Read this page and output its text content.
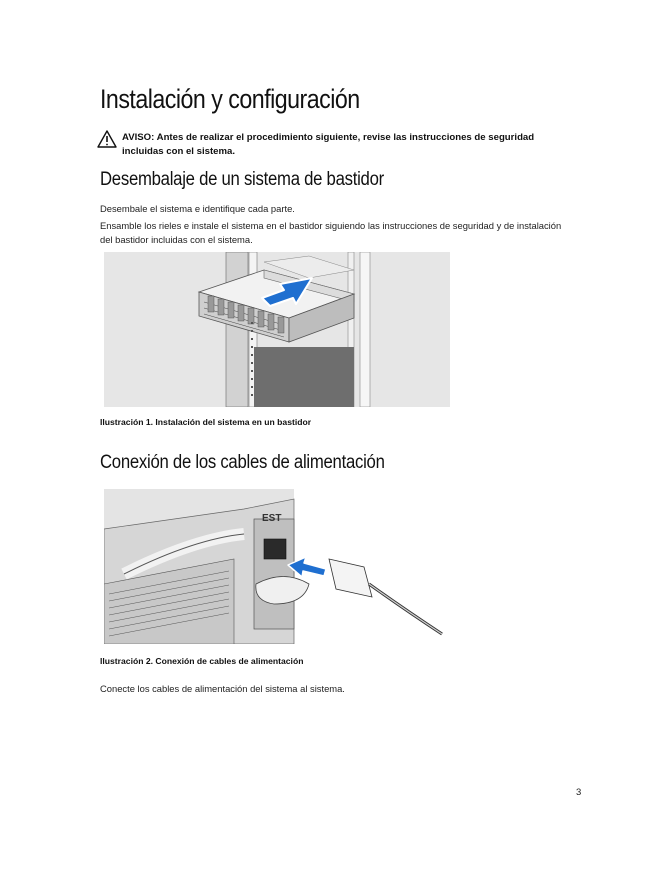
Instalación y configuración
AVISO: Antes de realizar el procedimiento siguiente, revise las instrucciones de seguridad incluidas con el sistema.
Desembalaje de un sistema de bastidor
Desembale el sistema e identifique cada parte.
Ensamble los rieles e instale el sistema en el bastidor siguiendo las instrucciones de seguridad y de instalación del bastidor incluidas con el sistema.
Ilustración 1. Instalación del sistema en un bastidor
Conexión de los cables de alimentación
EST
Ilustración 2. Conexión de cables de alimentación
Conecte los cables de alimentación del sistema al sistema.
3
